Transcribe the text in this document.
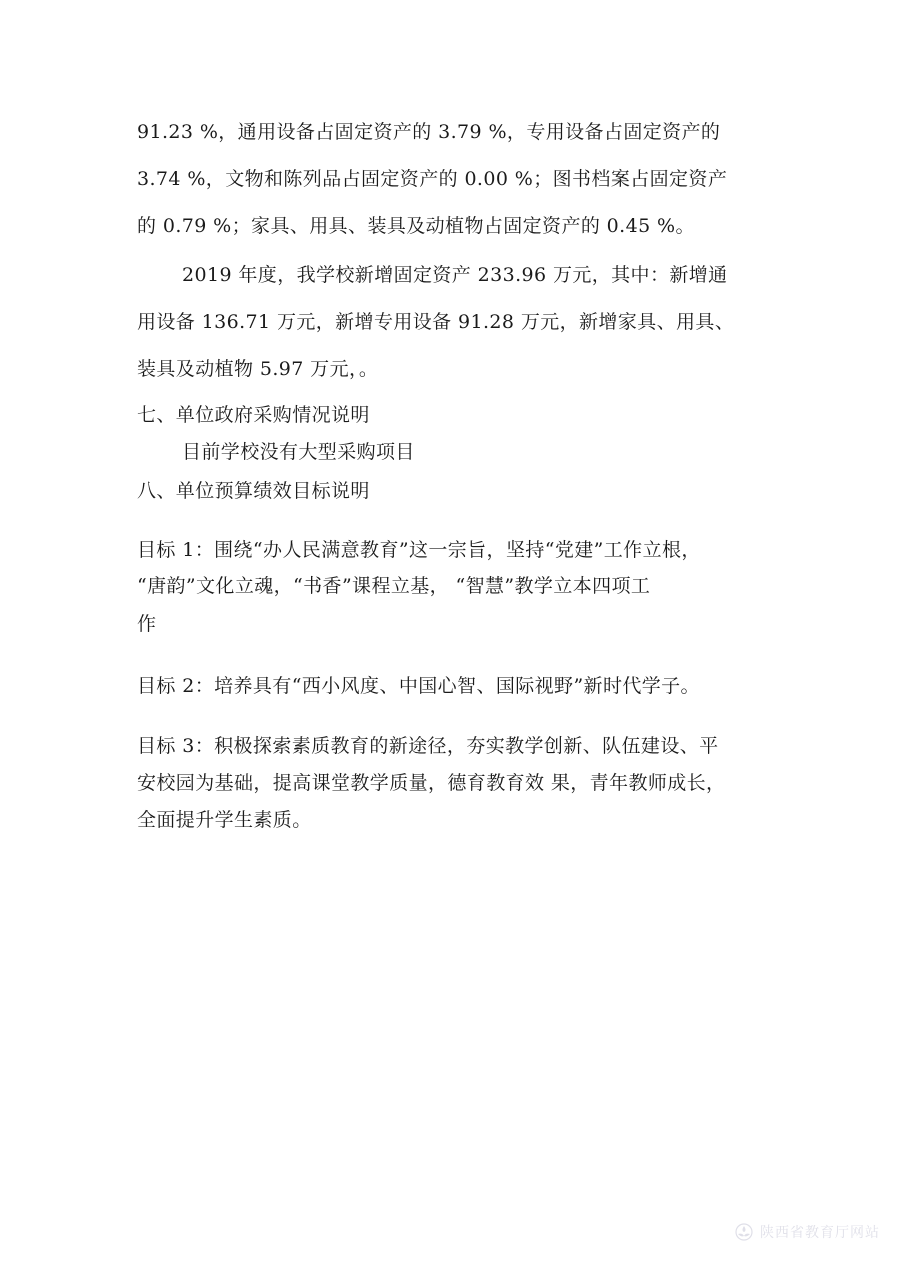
91.23 %，通用设备占固定资产的 3.79 %，专用设备占固定资产的
3.74 %，文物和陈列品占固定资产的 0.00 %；图书档案占固定资产
的 0.79 %；家具、用具、装具及动植物占固定资产的 0.45 %。
2019 年度，我学校新增固定资产 233.96 万元，其中：新增通
用设备 136.71 万元，新增专用设备 91.28 万元，新增家具、用具、
装具及动植物 5.97 万元，。
七、单位政府采购情况说明
目前学校没有大型采购项目
八、单位预算绩效目标说明
目标 1：围绕“办人民满意教育”这一宗旨，坚持“党建”工作立根，
“唐韵”文化立魂，“书香”课程立基， “智慧”教学立本四项工
作
目标 2：培养具有“西小风度、中国心智、国际视野”新时代学子。
目标 3：积极探索素质教育的新途径，夯实教学创新、队伍建设、平
安校园为基础，提高课堂教学质量，德育教育效 果，青年教师成长，
全面提升学生素质。
陕西省教育厅网站
